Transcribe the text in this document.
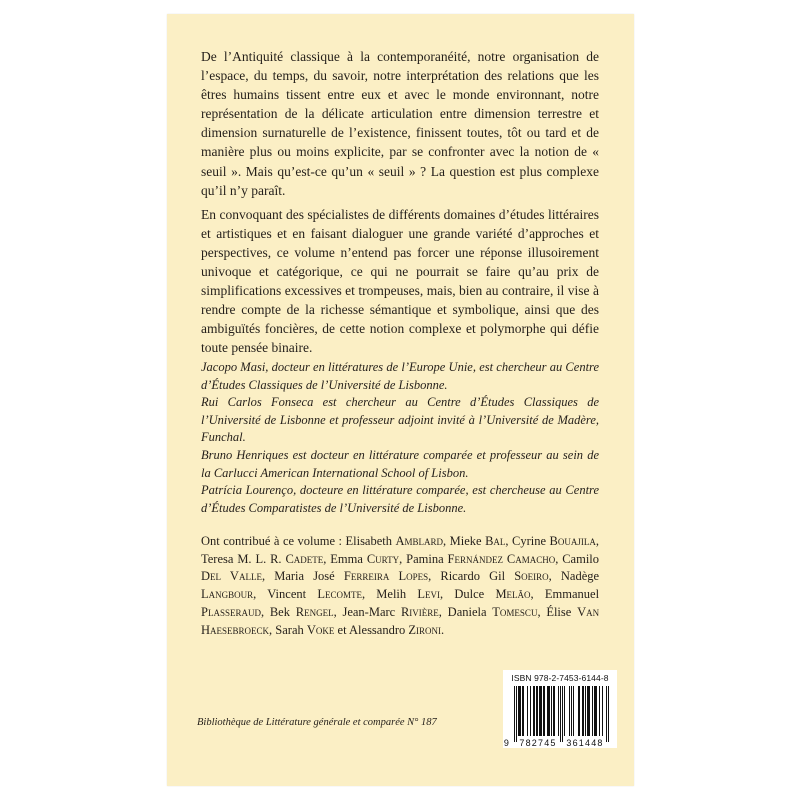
De l’Antiquité classique à la contemporanéité, notre organisation de l’espace, du temps, du savoir, notre interprétation des relations que les êtres humains tissent entre eux et avec le monde environnant, notre représentation de la délicate articulation entre dimension terrestre et dimension surnaturelle de l’existence, finissent toutes, tôt ou tard et de manière plus ou moins explicite, par se confronter avec la notion de « seuil ». Mais qu’est-ce qu’un « seuil » ? La question est plus complexe qu’il n’y paraît.

En convoquant des spécialistes de différents domaines d’études littéraires et artistiques et en faisant dialoguer une grande variété d’approches et perspectives, ce volume n’entend pas forcer une réponse illusoirement univoque et catégorique, ce qui ne pourrait se faire qu’au prix de simplifications excessives et trompeuses, mais, bien au contraire, il vise à rendre compte de la richesse sémantique et symbolique, ainsi que des ambiguïtés foncières, de cette notion complexe et polymorphe qui défie toute pensée binaire.

Jacopo Masi, docteur en littératures de l’Europe Unie, est chercheur au Centre d’Études Classiques de l’Université de Lisbonne.

Rui Carlos Fonseca est chercheur au Centre d’Études Classiques de l’Université de Lisbonne et professeur adjoint invité à l’Université de Madère, Funchal.

Bruno Henriques est docteur en littérature comparée et professeur au sein de la Carlucci American International School of Lisbon.

Patrícia Lourenço, docteure en littérature comparée, est chercheuse au Centre d’Études Comparatistes de l’Université de Lisbonne.

Ont contribué à ce volume : Elisabeth Amblard, Mieke Bal, Cyrine Bouajila, Teresa M. L. R. Cadete, Emma Curty, Pamina Fernández Camacho, Camilo Del Valle, Maria José Ferreira Lopes, Ricardo Gil Soeiro, Nadège Langbour, Vincent Lecomte, Melih Levi, Dulce Melão, Emmanuel Plasseraud, Bek Rengel, Jean-Marc Rivière, Daniela Tomescu, Élise Van Haesebroeck, Sarah Voke et Alessandro Zironi.

Bibliothèque de Littérature générale et comparée N° 187
ISBN 978-2-7453-6144-8
9 782745 361448
